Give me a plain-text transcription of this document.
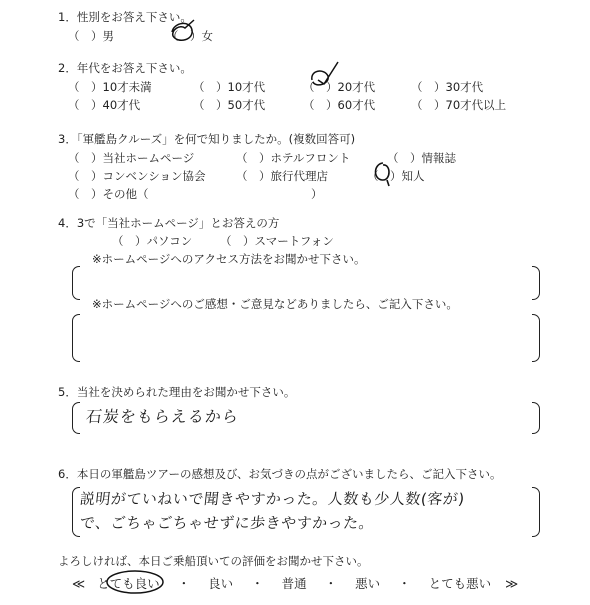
1．性別をお答え下さい。
（　）男	（　）女
2．年代をお答え下さい。
（　）10才未満	（　）10才代	（　）20才代	（　）30才代
（　）40才代	（　）50才代	（　）60才代	（　）70才代以上
3．「軍艦島クルーズ」を何で知りましたか。(複数回答可)
（　）当社ホームページ	（　）ホテルフロント	（　）情報誌
（　）コンベンション協会	（　）旅行代理店	（　）知人
（　）その他（	）
4．3で「当社ホームページ」とお答えの方
（　）パソコン （　）スマートフォン
※ホームページへのアクセス方法をお聞かせ下さい。
※ホームページへのご感想・ご意見などありましたら、ご記入下さい。
5．当社を決められた理由をお聞かせ下さい。
石炭をもらえるから
6．本日の軍艦島ツアーの感想及び、お気づきの点がございましたら、ご記入下さい。
説明がていねいで聞きやすかった。人数も少人数(客が)
で、ごちゃごちゃせずに歩きやすかった。
よろしければ、本日ご乗船頂いての評価をお聞かせ下さい。
≪ とても良い ・ 良い ・ 普通 ・ 悪い ・ とても悪い ≫
